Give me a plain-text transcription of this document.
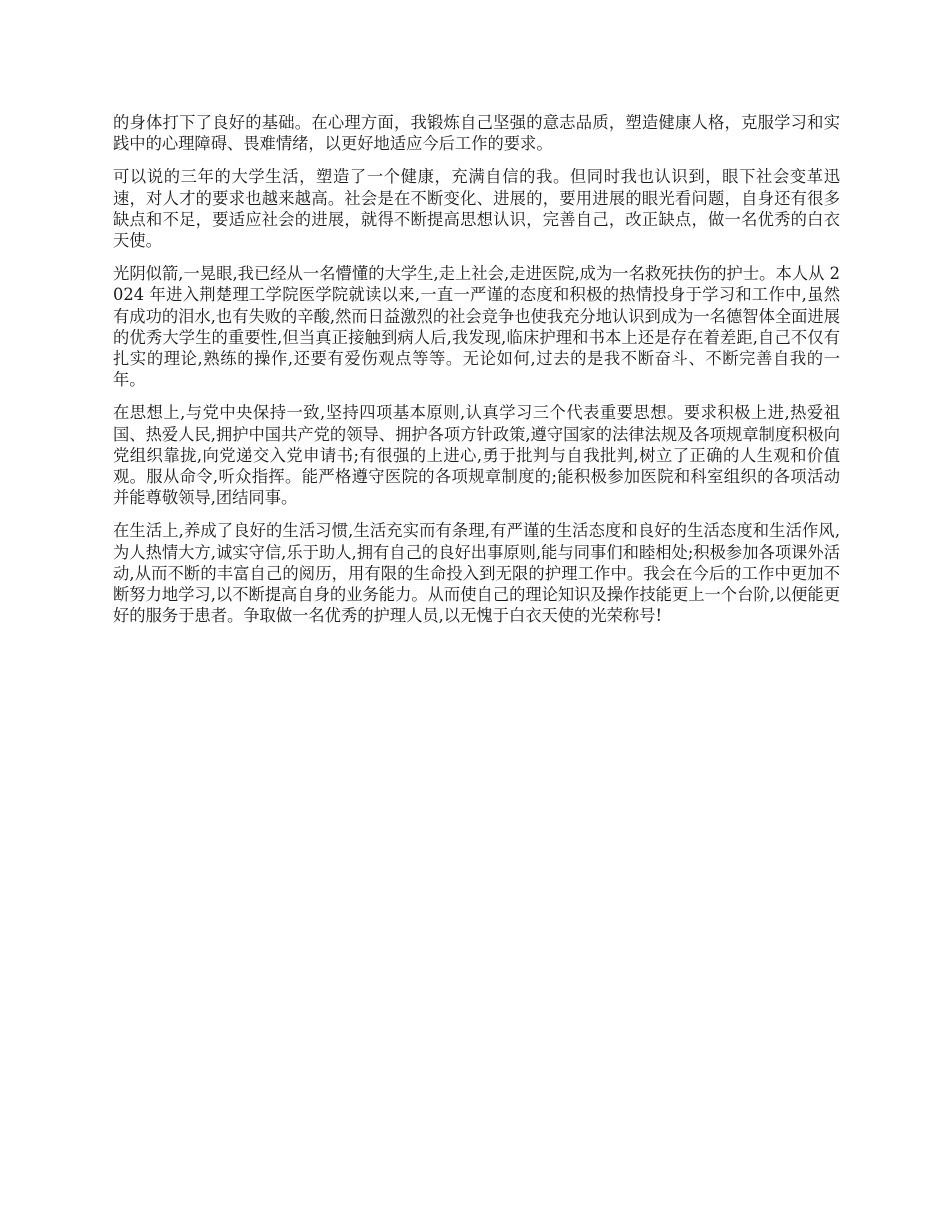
的身体打下了良好的基础。在心理方面，我锻炼自己坚强的意志品质，塑造健康人格，克服学习和实践中的心理障碍、畏难情绪，以更好地适应今后工作的要求。

可以说的三年的大学生活，塑造了一个健康，充满自信的我。但同时我也认识到，眼下社会变革迅速，对人才的要求也越来越高。社会是在不断变化、进展的，要用进展的眼光看问题，自身还有很多缺点和不足，要适应社会的进展，就得不断提高思想认识，完善自己，改正缺点，做一名优秀的白衣天使。

光阴似箭,一晃眼,我已经从一名懵懂的大学生,走上社会,走进医院,成为一名救死扶伤的护士。本人从 2024 年进入荆楚理工学院医学院就读以来,一直一严谨的态度和积极的热情投身于学习和工作中,虽然有成功的泪水,也有失败的辛酸,然而日益激烈的社会竞争也使我充分地认识到成为一名德智体全面进展的优秀大学生的重要性,但当真正接触到病人后,我发现,临床护理和书本上还是存在着差距,自己不仅有扎实的理论,熟练的操作,还要有爱伤观点等等。无论如何,过去的是我不断奋斗、不断完善自我的一年。

在思想上,与党中央保持一致,坚持四项基本原则,认真学习三个代表重要思想。要求积极上进,热爱祖国、热爱人民,拥护中国共产党的领导、拥护各项方针政策,遵守国家的法律法规及各项规章制度积极向党组织靠拢,向党递交入党申请书;有很强的上进心,勇于批判与自我批判,树立了正确的人生观和价值观。服从命令,听众指挥。能严格遵守医院的各项规章制度的;能积极参加医院和科室组织的各项活动并能尊敬领导,团结同事。

在生活上,养成了良好的生活习惯,生活充实而有条理,有严谨的生活态度和良好的生活态度和生活作风,为人热情大方,诚实守信,乐于助人,拥有自己的良好出事原则,能与同事们和睦相处;积极参加各项课外活动,从而不断的丰富自己的阅历，用有限的生命投入到无限的护理工作中。我会在今后的工作中更加不断努力地学习,以不断提高自身的业务能力。从而使自己的理论知识及操作技能更上一个台阶,以便能更好的服务于患者。争取做一名优秀的护理人员,以无愧于白衣天使的光荣称号!
